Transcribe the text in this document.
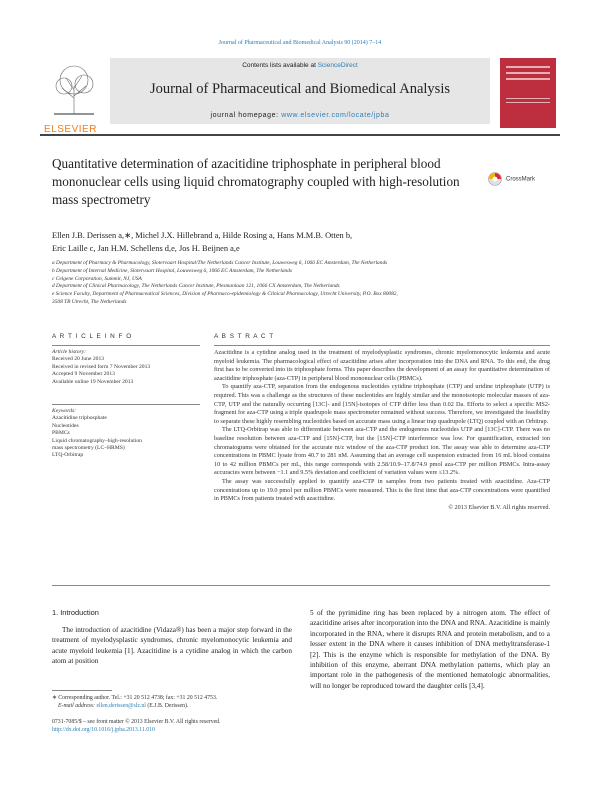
Journal of Pharmaceutical and Biomedical Analysis 90 (2014) 7–14
ELSEVIER
Contents lists available at ScienceDirect
Journal of Pharmaceutical and Biomedical Analysis
journal homepage: www.elsevier.com/locate/jpba
Quantitative determination of azacitidine triphosphate in peripheral blood mononuclear cells using liquid chromatography coupled with high-resolution mass spectrometry
CrossMark
Ellen J.B. Derissen a,∗, Michel J.X. Hillebrand a, Hilde Rosing a, Hans M.M.B. Otten b,
Eric Laille c, Jan H.M. Schellens d,e, Jos H. Beijnen a,e
a Department of Pharmacy & Pharmacology, Slotervaart Hospital/The Netherlands Cancer Institute, Louwesweg 6, 1066 EC Amsterdam, The Netherlands
b Department of Internal Medicine, Slotervaart Hospital, Louwesweg 6, 1066 EC Amsterdam, The Netherlands
c Celgene Corporation, Summit, NJ, USA
d Department of Clinical Pharmacology, The Netherlands Cancer Institute, Plesmanlaan 121, 1066 CX Amsterdam, The Netherlands
e Science Faculty, Department of Pharmaceutical Sciences, Division of Pharmaco-epidemiology & Clinical Pharmacology, Utrecht University, P.O. Box 80082,
3508 TB Utrecht, The Netherlands
A R T I C L E I N F O
Article history:
Received 20 June 2013
Received in revised form 7 November 2013
Accepted 9 November 2013
Available online 19 November 2013
Keywords:
Azacitidine triphosphate
Nucleotides
PBMCs
Liquid chromatography–high-resolution
mass spectrometry (LC–HRMS)
LTQ-Orbitrap
A B S T R A C T

Azacitidine is a cytidine analog used in the treatment of myelodysplastic syndromes, chronic myelomonocytic leukemia and acute myeloid leukemia. The pharmacological effect of azacitidine arises after incorporation into the DNA and RNA. To this end, the drug first has to be converted into its triphosphate forms. This paper describes the development of an assay for quantitative determination of azacitidine triphosphate (aza-CTP) in peripheral blood mononuclear cells (PBMCs).

To quantify aza-CTP, separation from the endogenous nucleotides cytidine triphosphate (CTP) and uridine triphosphate (UTP) is required. This was a challenge as the structures of these nucleotides are highly similar and the monoisotopic molecular masses of aza-CTP, UTP and the naturally occurring [13C]- and [15N]-isotopes of CTP differ less than 0.02 Da. Efforts to select a specific MS2-fragment for aza-CTP using a triple quadrupole mass spectrometer remained without success. Therefore, we investigated the feasibility to separate these highly resembling nucleotides based on accurate mass using a linear trap quadrupole (LTQ) coupled with an Orbitrap.

The LTQ-Orbitrap was able to differentiate between aza-CTP and the endogenous nucleotides UTP and [13C]-CTP. There was no baseline resolution between aza-CTP and [15N]-CTP, but the [15N]-CTP interference was low. For quantification, extracted ion chromatograms were obtained for the accurate m/z window of the aza-CTP product ion. The assay was able to determine aza-CTP concentrations in PBMC lysate from 40.7 to 281 nM. Assuming that an average cell suspension extracted from 16 mL blood contains 10 to 42 million PBMCs per mL, this range corresponds with 2.58/10.9–17.8/74.9 pmol aza-CTP per million PBMCs. Intra-assay accuracies were between −1.1 and 9.5% deviation and coefficient of variation values were ≤13.2%.

The assay was successfully applied to quantify aza-CTP in samples from two patients treated with azacitidine. Aza-CTP concentrations up to 19.0 pmol per million PBMCs were measured. This is the first time that aza-CTP concentrations were quantified in PBMCs from patients treated with azacitidine.

© 2013 Elsevier B.V. All rights reserved.

1. Introduction

The introduction of azacitidine (Vidaza®) has been a major step forward in the treatment of myelodysplastic syndromes, chronic myelomonocytic leukemia and acute myeloid leukemia [1]. Azacitidine is a cytidine analog in which the carbon atom at position

5 of the pyrimidine ring has been replaced by a nitrogen atom. The effect of azacitidine arises after incorporation into the DNA and RNA. Azacitidine is mainly incorporated in the RNA, where it disrupts RNA and protein metabolism, and to a lesser extent in the DNA where it causes inhibition of DNA methyltransferase-1 [2]. This is the enzyme which is responsible for methylation of the DNA. By inhibition of this enzyme, aberrant DNA methylation patterns, which play an important role in the pathogenesis of the mentioned hematologic abnormalities, will no longer be reproduced toward the daughter cells [3,4].

∗ Corresponding author. Tel.: +31 20 512 4738; fax: +31 20 512 4753.
E-mail address: ellen.derissen@slz.nl (E.J.B. Derissen).
0731-7085/$ – see front matter © 2013 Elsevier B.V. All rights reserved.
http://dx.doi.org/10.1016/j.jpba.2013.11.010
